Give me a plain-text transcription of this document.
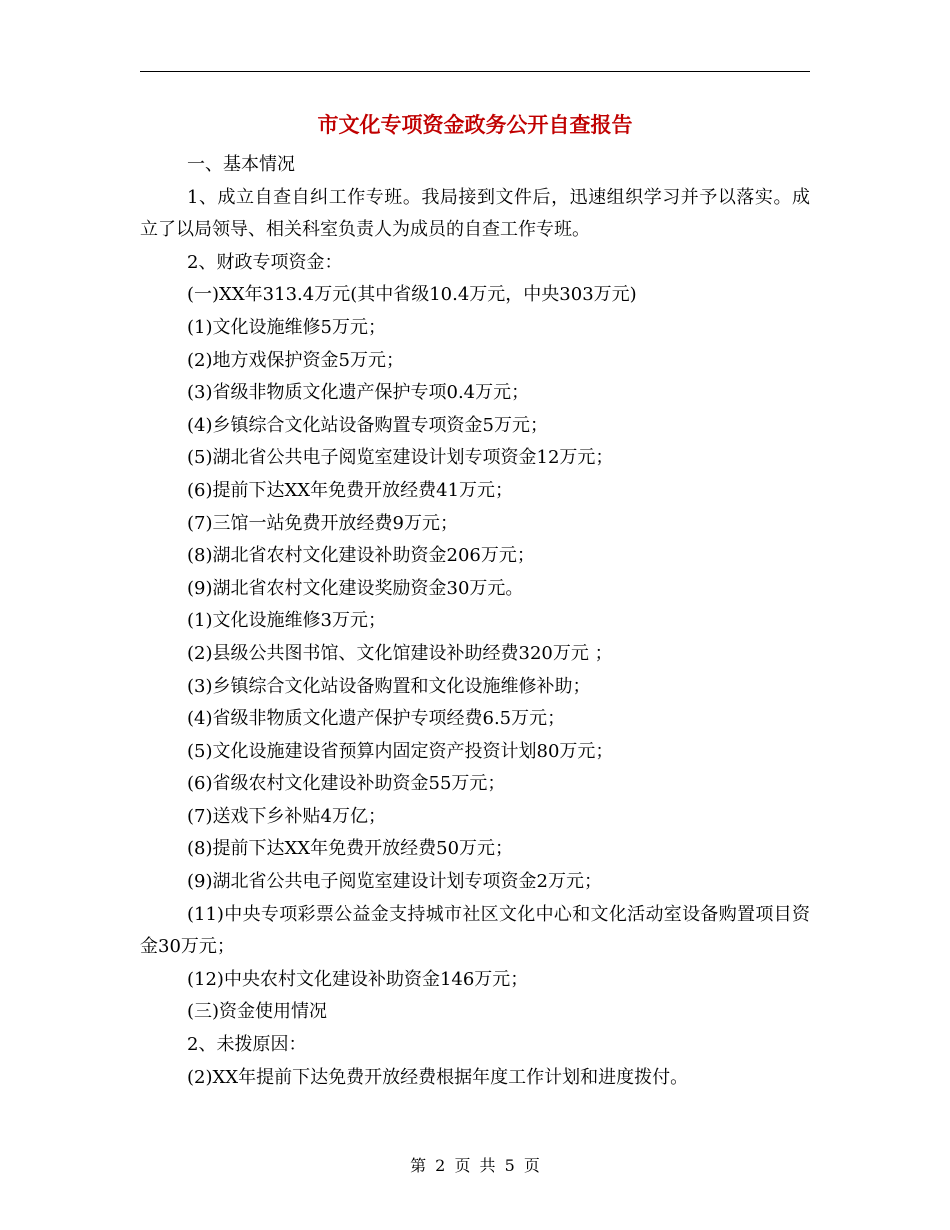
市文化专项资金政务公开自查报告

一、基本情况

1、成立自查自纠工作专班。我局接到文件后，迅速组织学习并予以落实。成立了以局领导、相关科室负责人为成员的自查工作专班。

2、财政专项资金：

(一)XX年313.4万元(其中省级10.4万元，中央303万元)

(1)文化设施维修5万元；

(2)地方戏保护资金5万元；

(3)省级非物质文化遗产保护专项0.4万元；

(4)乡镇综合文化站设备购置专项资金5万元；

(5)湖北省公共电子阅览室建设计划专项资金12万元；

(6)提前下达XX年免费开放经费41万元；

(7)三馆一站免费开放经费9万元；

(8)湖北省农村文化建设补助资金206万元；

(9)湖北省农村文化建设奖励资金30万元。

(1)文化设施维修3万元；

(2)县级公共图书馆、文化馆建设补助经费320万元 ；

(3)乡镇综合文化站设备购置和文化设施维修补助；

(4)省级非物质文化遗产保护专项经费6.5万元；

(5)文化设施建设省预算内固定资产投资计划80万元；

(6)省级农村文化建设补助资金55万元；

(7)送戏下乡补贴4万亿；

(8)提前下达XX年免费开放经费50万元；

(9)湖北省公共电子阅览室建设计划专项资金2万元；

(11)中央专项彩票公益金支持城市社区文化中心和文化活动室设备购置项目资金30万元；

(12)中央农村文化建设补助资金146万元；

(三)资金使用情况

2、未拨原因：

(2)XX年提前下达免费开放经费根据年度工作计划和进度拨付。

第 2 页 共 5 页
